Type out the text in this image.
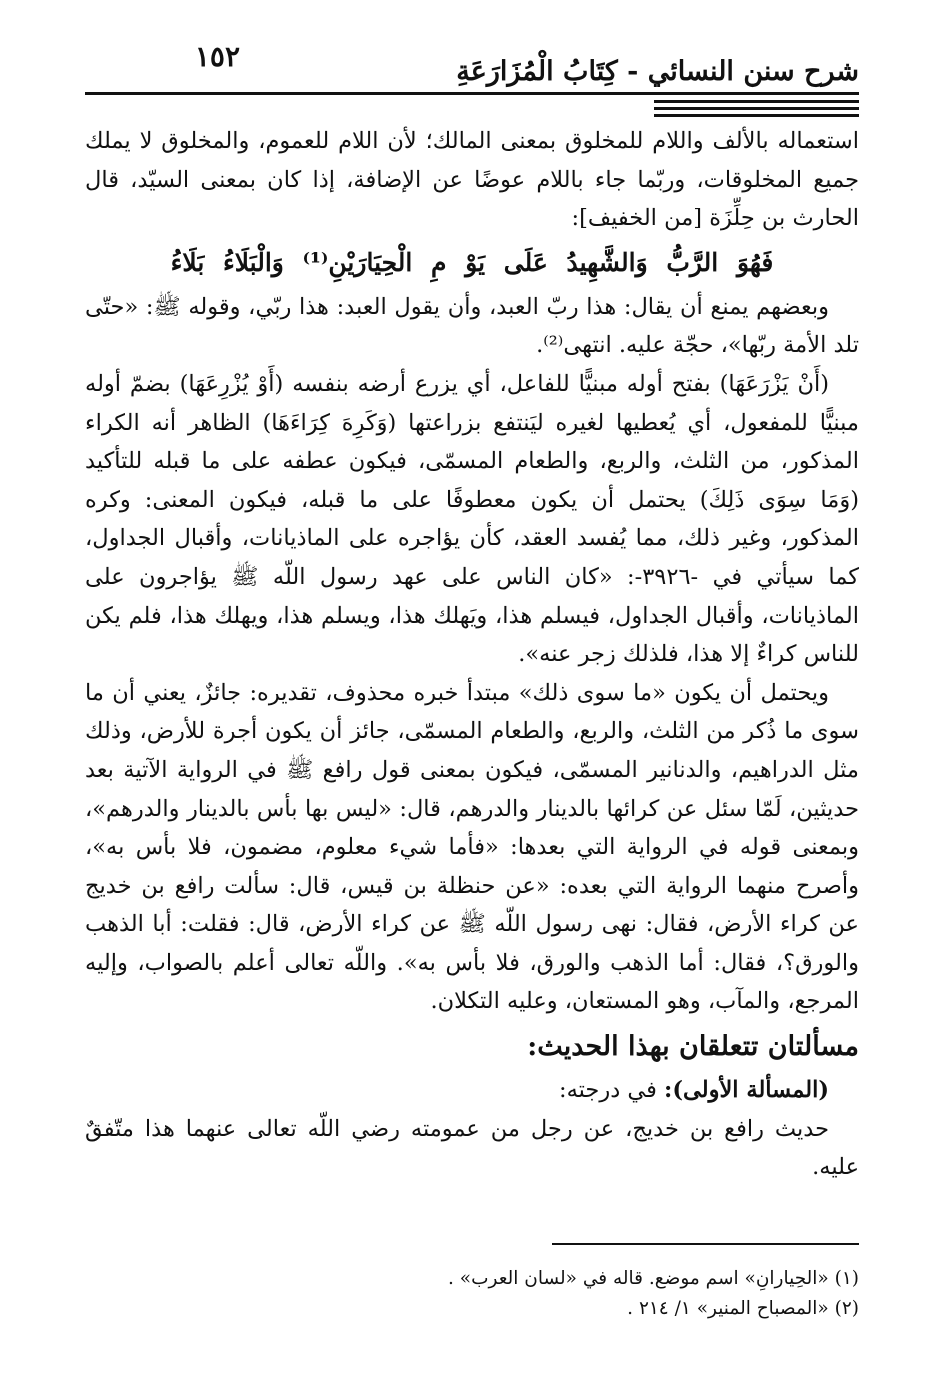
شرح سنن النسائي - كِتَابُ الْمُزَارَعَةِ
١٥٢

استعماله بالألف واللام للمخلوق بمعنى المالك؛ لأن اللام للعموم، والمخلوق لا يملك جميع المخلوقات، وربّما جاء باللام عوضًا عن الإضافة، إذا كان بمعنى السيّد، قال الحارث بن حِلِّزَة [من الخفيف]:

فَهُوَ الرَّبُّ وَالشَّهِيدُ عَلَى يَوْ مِ الْحِيَارَيْنِ⁽¹⁾ وَالْبَلَاءُ بَلَاءُ

وبعضهم يمنع أن يقال: هذا ربّ العبد، وأن يقول العبد: هذا ربّي، وقوله ﷺ: «حتّى تلد الأمة ربّها»، حجّة عليه. انتهى⁽²⁾.

(أَنْ يَزْرَعَهَا) بفتح أوله مبنيًّا للفاعل، أي يزرع أرضه بنفسه (أَوْ يُزْرِعَهَا) بضمّ أوله مبنيًّا للمفعول، أي يُعطيها لغيره ليَنتفع بزراعتها (وَكَرِهَ كِرَاءَهَا) الظاهر أنه الكراء المذكور، من الثلث، والربع، والطعام المسمّى، فيكون عطفه على ما قبله للتأكيد (وَمَا سِوَى ذَلِكَ) يحتمل أن يكون معطوفًا على ما قبله، فيكون المعنى: وكره المذكور، وغير ذلك، مما يُفسد العقد، كأن يؤاجره على الماذيانات، وأقبال الجداول، كما سيأتي في -٣٩٢٦-: «كان الناس على عهد رسول اللّه ﷺ يؤاجرون على الماذيانات، وأقبال الجداول، فيسلم هذا، ويَهلك هذا، ويسلم هذا، ويهلك هذا، فلم يكن للناس كراءٌ إلا هذا، فلذلك زجر عنه».

ويحتمل أن يكون «ما سوى ذلك» مبتدأ خبره محذوف، تقديره: جائزٌ، يعني أن ما سوى ما ذُكر من الثلث، والربع، والطعام المسمّى، جائز أن يكون أجرة للأرض، وذلك مثل الدراهيم، والدنانير المسمّى، فيكون بمعنى قول رافع ﷺ في الرواية الآتية بعد حديثين، لَمّا سئل عن كرائها بالدينار والدرهم، قال: «ليس بها بأس بالدينار والدرهم»، وبمعنى قوله في الرواية التي بعدها: «فأما شيء معلوم، مضمون، فلا بأس به»، وأصرح منهما الرواية التي بعده: «عن حنظلة بن قيس، قال: سألت رافع بن خديج عن كراء الأرض، فقال: نهى رسول اللّه ﷺ عن كراء الأرض، قال: فقلت: أبا الذهب والورق؟، فقال: أما الذهب والورق، فلا بأس به». واللّه تعالى أعلم بالصواب، وإليه المرجع، والمآب، وهو المستعان، وعليه التكلان.

مسألتان تتعلقان بهذا الحديث:

(المسألة الأولى): في درجته:

حديث رافع بن خديج، عن رجل من عمومته رضي اللّه تعالى عنهما هذا متّفقٌ عليه.

(١) «الحِيارانِ» اسم موضع. قاله في «لسان العرب» .

(٢) «المصباح المنير» ١/ ٢١٤ .
